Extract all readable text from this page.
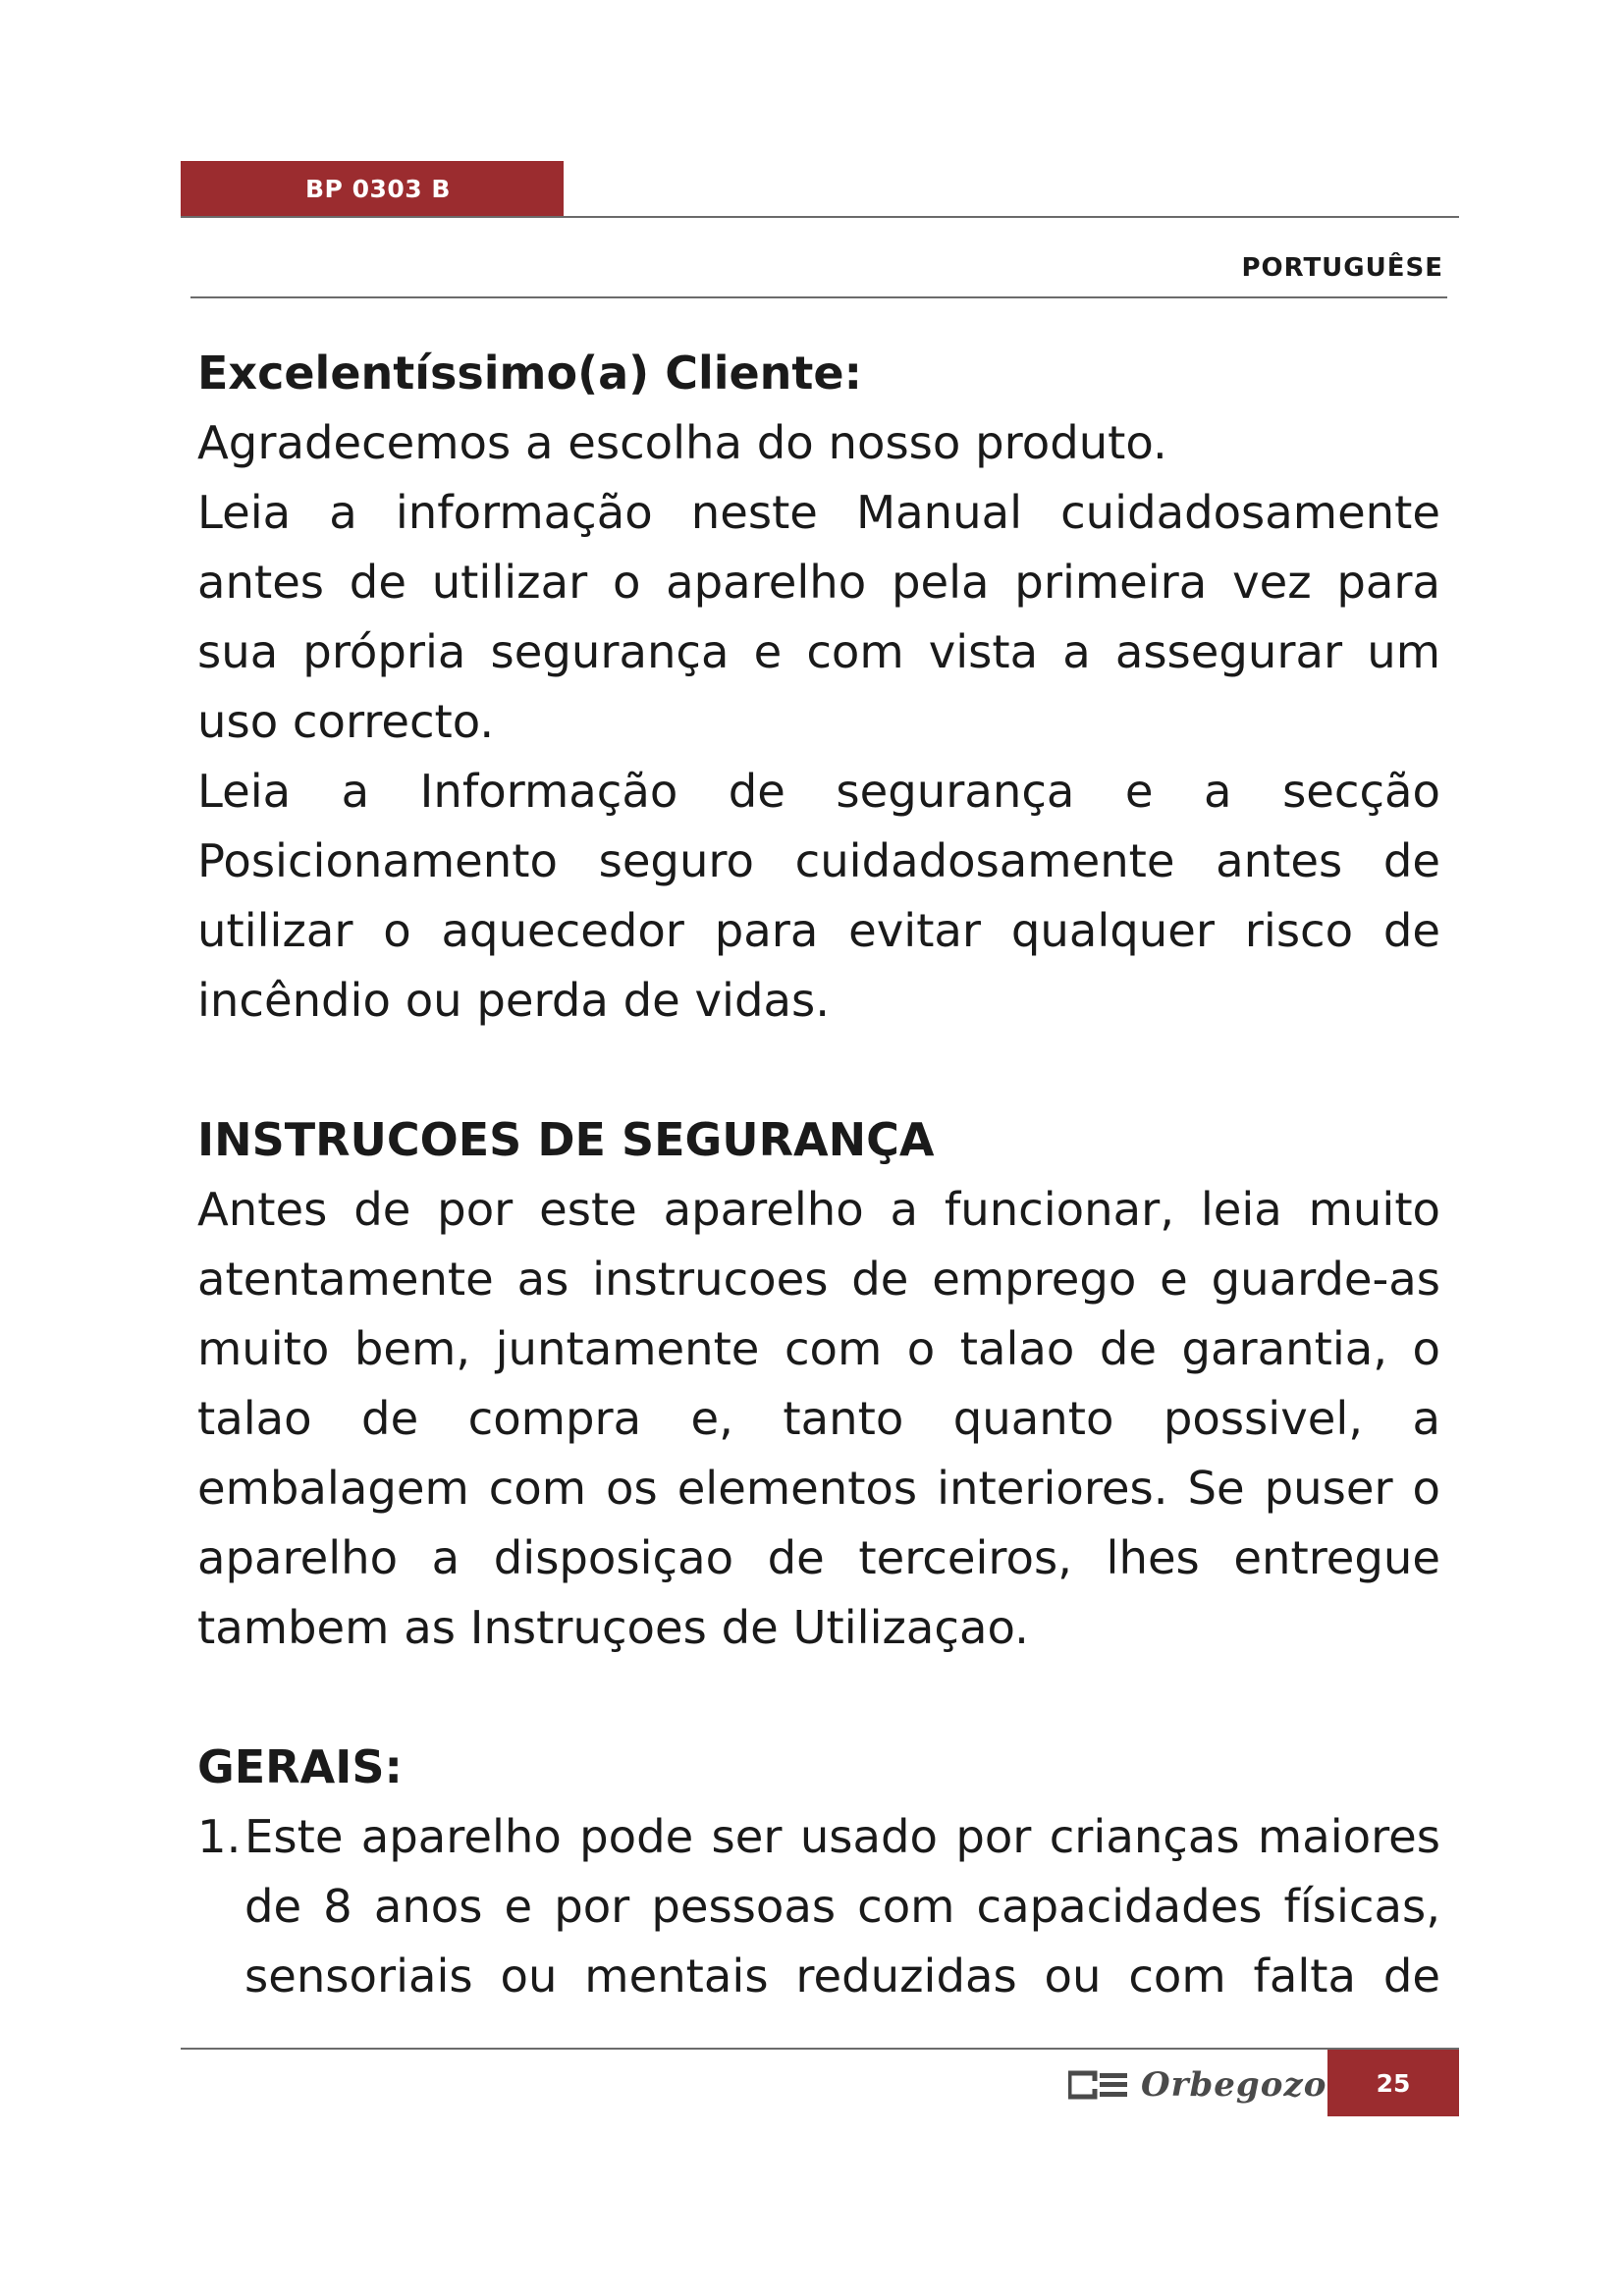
BP 0303 B
PORTUGUÊSE
Excelentíssimo(a) Cliente:

Agradecemos a escolha do nosso produto.

Leia a informação neste Manual cuidadosamente antes de utilizar o aparelho pela primeira vez para sua própria segurança e com vista a assegurar um uso correcto.

Leia a Informação de segurança e a secção Posicionamento seguro cuidadosamente antes de utilizar o aquecedor para evitar qualquer risco de incêndio ou perda de vidas.

INSTRUCOES DE SEGURANÇA

Antes de por este aparelho a funcionar, leia muito atentamente as instrucoes de emprego e guarde-as muito bem, juntamente com o talao de garantia, o talao de compra e, tanto quanto possivel, a embalagem com os elementos interiores. Se puser o aparelho a disposiçao de terceiros, lhes entregue tambem as Instruçoes de Utilizaçao.

GERAIS:
1. Este aparelho pode ser usado por crianças maiores de 8 anos e por pessoas com capacidades físicas, sensoriais ou mentais reduzidas ou com falta de
Orbegozo 25
